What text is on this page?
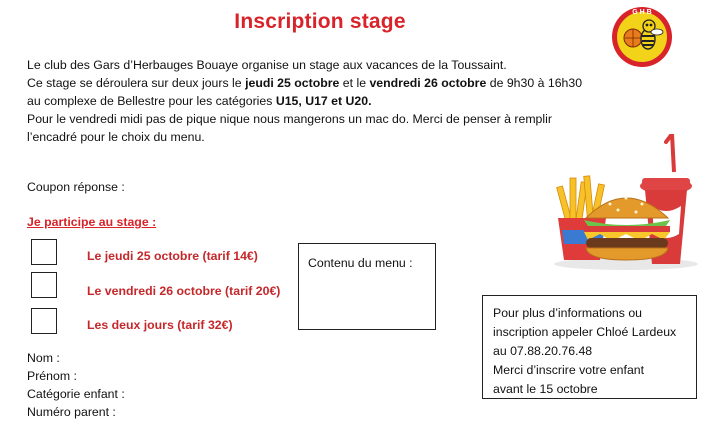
Inscription stage	G H B
Le club des Gars d’Herbauges Bouaye organise un stage aux vacances de la Toussaint.
Ce stage se déroulera sur deux jours le jeudi 25 octobre et le vendredi 26 octobre de 9h30 à 16h30
au complexe de Bellestre pour les catégories U15, U17 et U20.
Pour le vendredi midi pas de pique nique nous mangerons un mac do. Merci de penser à remplir
l’encadré pour le choix du menu.
Coupon réponse :
Je participe au stage :
Le jeudi 25 octobre (tarif 14€)
Le vendredi 26 octobre (tarif 20€)
Les deux jours (tarif 32€)
Contenu du menu :
Pour plus d’informations ou
inscription appeler Chloé Lardeux
au 07.88.20.76.48
Merci d’inscrire votre enfant
avant le 15 octobre
Nom :
Prénom :
Catégorie enfant :
Numéro parent :
